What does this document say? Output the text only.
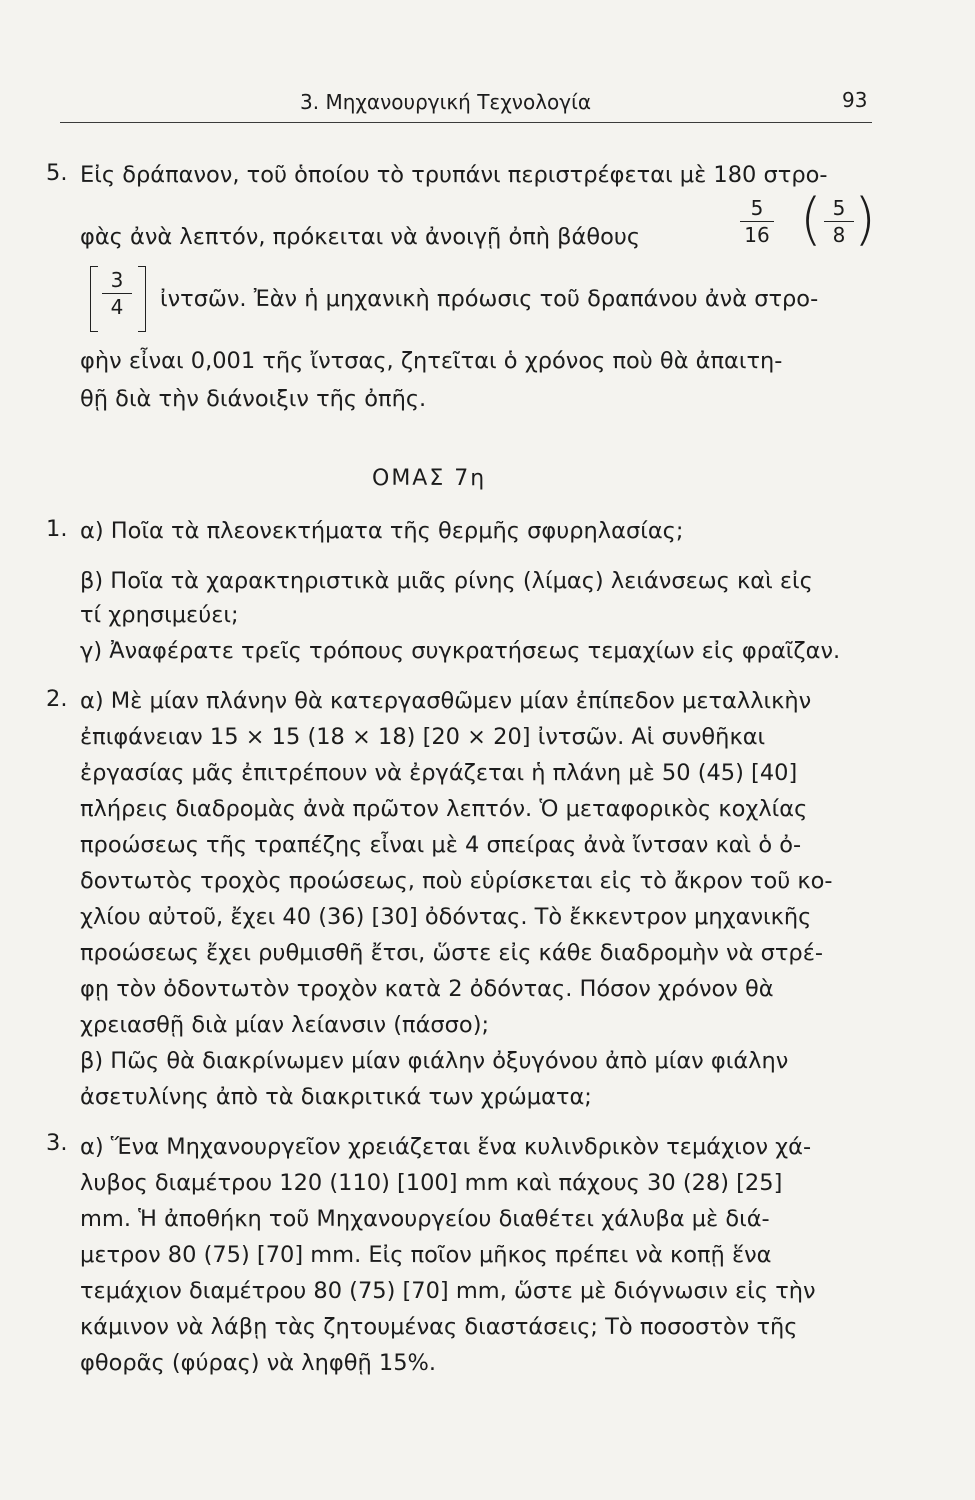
3. Μηχανουργική Τεχνολογία	93
5. Εἰς δράπανον, τοῦ ὁποίου τὸ τρυπάνι περιστρέφεται μὲ 180 στρο-
φὰς ἀνὰ λεπτόν, πρόκειται νὰ ἀνοιγῇ ὀπὴ βάθους
5
16 ( 5
8 )
3
4	ἰντσῶν. Ἐὰν ἡ μηχανικὴ πρόωσις τοῦ δραπάνου ἀνὰ στρο-
φὴν εἶναι 0,001 τῆς ἴντσας, ζητεῖται ὁ χρόνος ποὺ θὰ ἀπαιτη-
θῇ διὰ τὴν διάνοιξιν τῆς ὀπῆς.
ΟΜΑΣ 7η
1. α) Ποῖα τὰ πλεονεκτήματα τῆς θερμῆς σφυρηλασίας;
β) Ποῖα τὰ χαρακτηριστικὰ μιᾶς ρίνης (λίμας) λειάνσεως καὶ εἰς
τί χρησιμεύει;
γ) Ἀναφέρατε τρεῖς τρόπους συγκρατήσεως τεμαχίων εἰς φραῖζαν.
2. α) Μὲ μίαν πλάνην θὰ κατεργασθῶμεν μίαν ἐπίπεδον μεταλλικὴν
ἐπιφάνειαν 15 × 15 (18 × 18) [20 × 20] ἰντσῶν. Αἱ συνθῆκαι
ἐργασίας μᾶς ἐπιτρέπουν νὰ ἐργάζεται ἡ πλάνη μὲ 50 (45) [40]
πλήρεις διαδρομὰς ἀνὰ πρῶτον λεπτόν. Ὁ μεταφορικὸς κοχλίας
προώσεως τῆς τραπέζης εἶναι μὲ 4 σπείρας ἀνὰ ἴντσαν καὶ ὁ ὀ-
δοντωτὸς τροχὸς προώσεως, ποὺ εὑρίσκεται εἰς τὸ ἄκρον τοῦ κο-
χλίου αὐτοῦ, ἔχει 40 (36) [30] ὀδόντας. Τὸ ἔκκεντρον μηχανικῆς
προώσεως ἔχει ρυθμισθῆ ἔτσι, ὥστε εἰς κάθε διαδρομὴν νὰ στρέ-
φῃ τὸν ὀδοντωτὸν τροχὸν κατὰ 2 ὀδόντας. Πόσον χρόνον θὰ
χρειασθῇ διὰ μίαν λείανσιν (πάσσο);
β) Πῶς θὰ διακρίνωμεν μίαν φιάλην ὀξυγόνου ἀπὸ μίαν φιάλην
ἀσετυλίνης ἀπὸ τὰ διακριτικά των χρώματα;
3. α) Ἕνα Μηχανουργεῖον χρειάζεται ἕνα κυλινδρικὸν τεμάχιον χά-
λυβος διαμέτρου 120 (110) [100] mm καὶ πάχους 30 (28) [25]
mm. Ἡ ἀποθήκη τοῦ Μηχανουργείου διαθέτει χάλυβα μὲ διά-
μετρον 80 (75) [70] mm. Εἰς ποῖον μῆκος πρέπει νὰ κοπῇ ἕνα
τεμάχιον διαμέτρου 80 (75) [70] mm, ὥστε μὲ διόγνωσιν εἰς τὴν
κάμινον νὰ λάβῃ τὰς ζητουμένας διαστάσεις; Τὸ ποσοστὸν τῆς
φθορᾶς (φύρας) νὰ ληφθῇ 15%.
